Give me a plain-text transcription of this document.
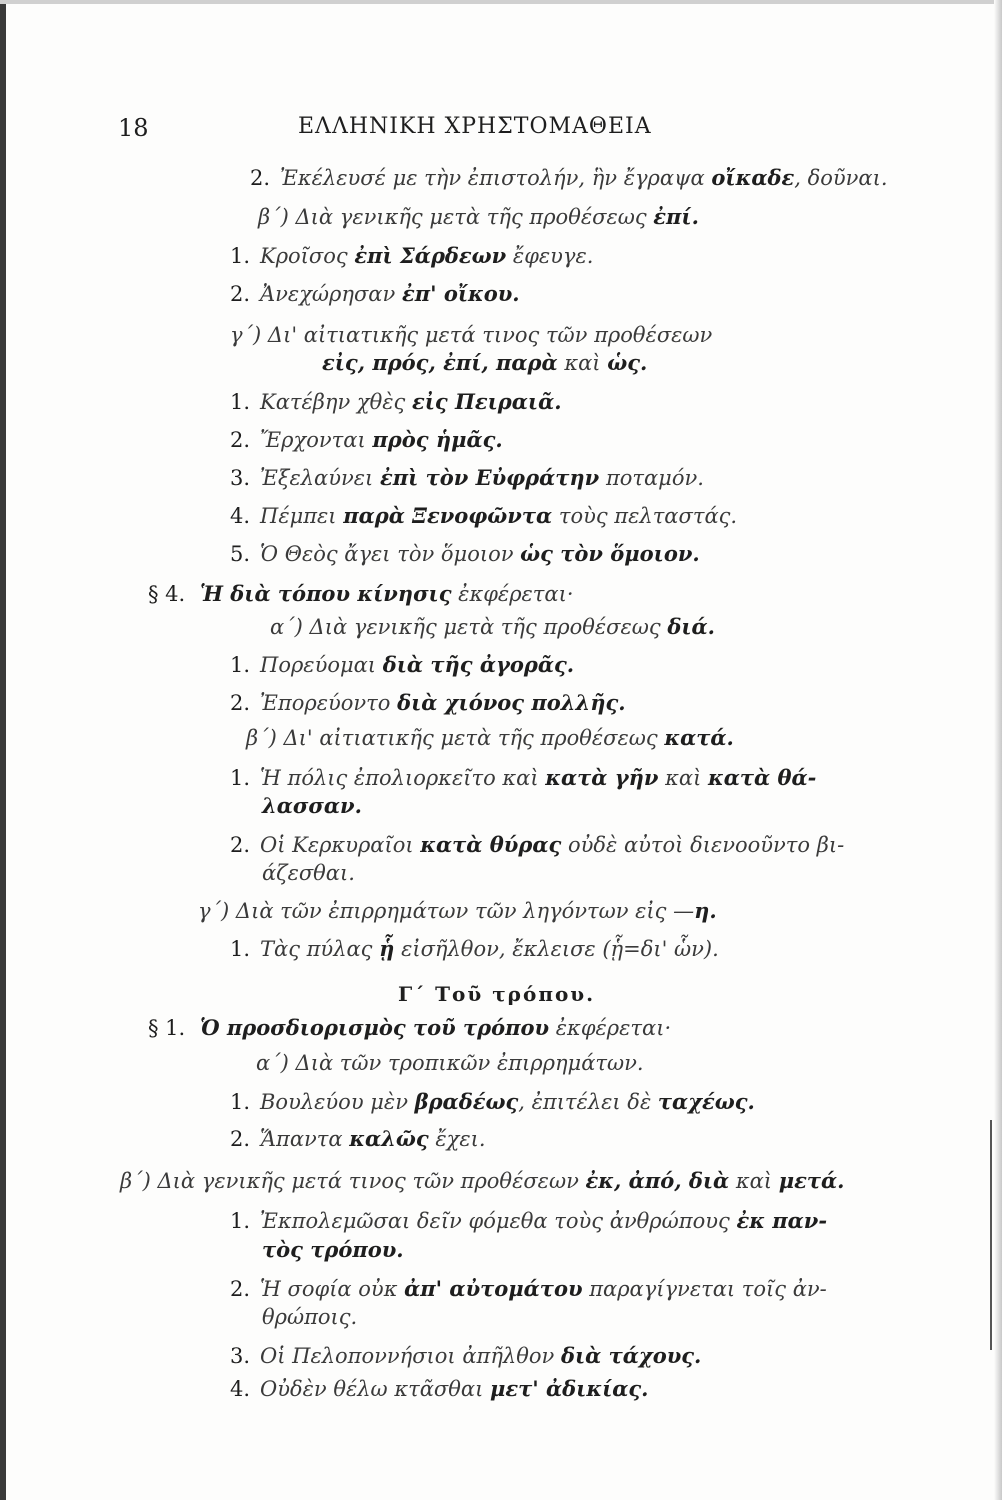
18	ΕΛΛΗΝΙΚΗ ΧΡΗΣΤΟΜΑΘΕΙΑ
2. Ἐκέλευσέ με τὴν ἐπιστολήν, ἣν ἔγραψα οἴκαδε, δοῦναι.
β΄) Διὰ γενικῆς μετὰ τῆς προθέσεως ἐπί.
1. Κροῖσος ἐπὶ Σάρδεων ἔφευγε.
2. Ἀνεχώρησαν ἐπ' οἴκου.
γ΄) Δι' αἰτιατικῆς μετά τινος τῶν προθέσεων
εἰς, πρός, ἐπί, παρὰ καὶ ὡς.
1. Κατέβην χθὲς εἰς Πειραιᾶ.
2. Ἔρχονται πρὸς ἡμᾶς.
3. Ἐξελαύνει ἐπὶ τὸν Εὐφράτην ποταμόν.
4. Πέμπει παρὰ Ξενοφῶντα τοὺς πελταστάς.
5. Ὁ Θεὸς ἄγει τὸν ὅμοιον ὡς τὸν ὅμοιον.
§ 4. Ἡ διὰ τόπου κίνησις ἐκφέρεται·
α΄) Διὰ γενικῆς μετὰ τῆς προθέσεως διά.
1. Πορεύομαι διὰ τῆς ἀγορᾶς.
2. Ἐπορεύοντο διὰ χιόνος πολλῆς.
β΄) Δι' αἰτιατικῆς μετὰ τῆς προθέσεως κατά.
1. Ἡ πόλις ἐπολιορκεῖτο καὶ κατὰ γῆν καὶ κατὰ θά-
λασσαν.
2. Οἱ Κερκυραῖοι κατὰ θύρας οὐδὲ αὐτοὶ διενοοῦντο βι-
άζεσθαι.
γ΄) Διὰ τῶν ἐπιρρημάτων τῶν ληγόντων εἰς —η.
1. Τὰς πύλας ᾗ εἰσῆλθον, ἔκλεισε (ᾗ=δι' ὧν).
Γ΄ Τοῦ τρόπου.
§ 1. Ὁ προσδιορισμὸς τοῦ τρόπου ἐκφέρεται·
α΄) Διὰ τῶν τροπικῶν ἐπιρρημάτων.
1. Βουλεύου μὲν βραδέως, ἐπιτέλει δὲ ταχέως.
2. Ἅπαντα καλῶς ἔχει.
β΄) Διὰ γενικῆς μετά τινος τῶν προθέσεων ἐκ, ἀπό, διὰ καὶ μετά.
1. Ἐκπολεμῶσαι δεῖν φόμεθα τοὺς ἀνθρώπους ἐκ παν-
τὸς τρόπου.
2. Ἡ σοφία οὐκ ἀπ' αὐτομάτου παραγίγνεται τοῖς ἀν-
θρώποις.
3. Οἱ Πελοποννήσιοι ἀπῆλθον διὰ τάχους.
4. Οὐδὲν θέλω κτᾶσθαι μετ' ἀδικίας.
